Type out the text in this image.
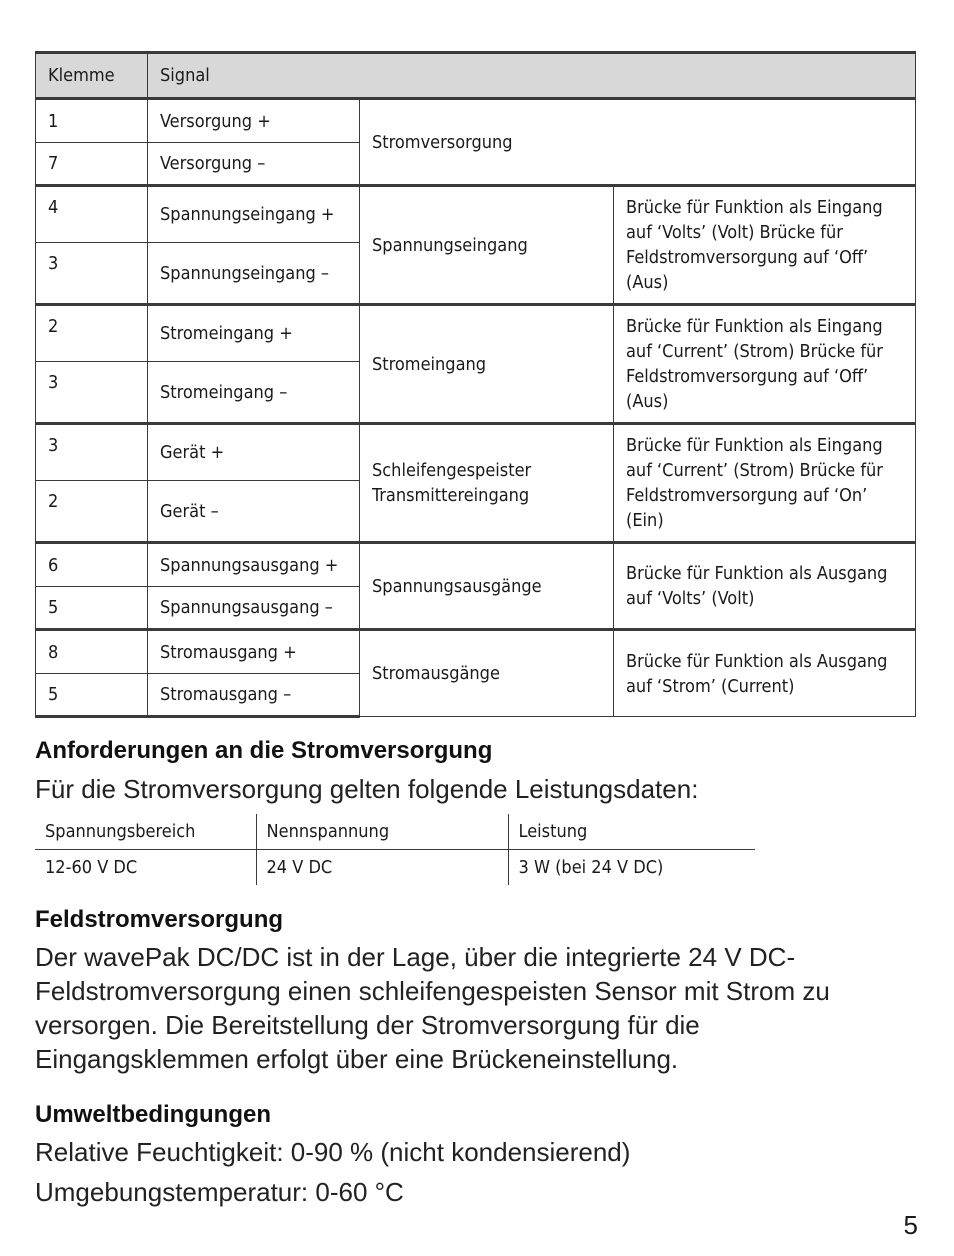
Klemme	Signal		
1	Versorgung +	Stromversorgung	
7	Versorgung –		
4	Spannungseingang +	Spannungseingang	Brücke für Funktion als Eingang auf ‘Volts’ (Volt) Brücke für Feldstromversorgung auf ‘Off’ (Aus)
3	Spannungseingang –		
2	Stromeingang +	Stromeingang	Brücke für Funktion als Eingang auf ‘Current’ (Strom) Brücke für Feldstromversorgung auf ‘Off’ (Aus)
3	Stromeingang –		
3	Gerät +	Schleifengespeister Transmittereingang	Brücke für Funktion als Eingang auf ‘Current’ (Strom) Brücke für Feldstromversorgung auf ‘On’ (Ein)
2	Gerät –		
6	Spannungsausgang +	Spannungsausgänge	Brücke für Funktion als Ausgang auf ‘Volts’ (Volt)
5	Spannungsausgang –		
8	Stromausgang +	Stromausgänge	Brücke für Funktion als Ausgang auf ‘Strom’ (Current)
5	Stromausgang –		
Anforderungen an die Stromversorgung

Für die Stromversorgung gelten folgende Leistungsdaten:

Spannungsbereich	Nennspannung	Leistung
12-60 V DC	24 V DC	3 W (bei 24 V DC)
Feldstromversorgung

Der wavePak DC/DC ist in der Lage, über die integrierte 24 V DC-Feldstromversorgung einen schleifengespeisten Sensor mit Strom zu versorgen. Die Bereitstellung der Stromversorgung für die Eingangsklemmen erfolgt über eine Brückeneinstellung.

Umweltbedingungen

Relative Feuchtigkeit: 0-90 % (nicht kondensierend)

Umgebungstemperatur: 0-60 °C

5
